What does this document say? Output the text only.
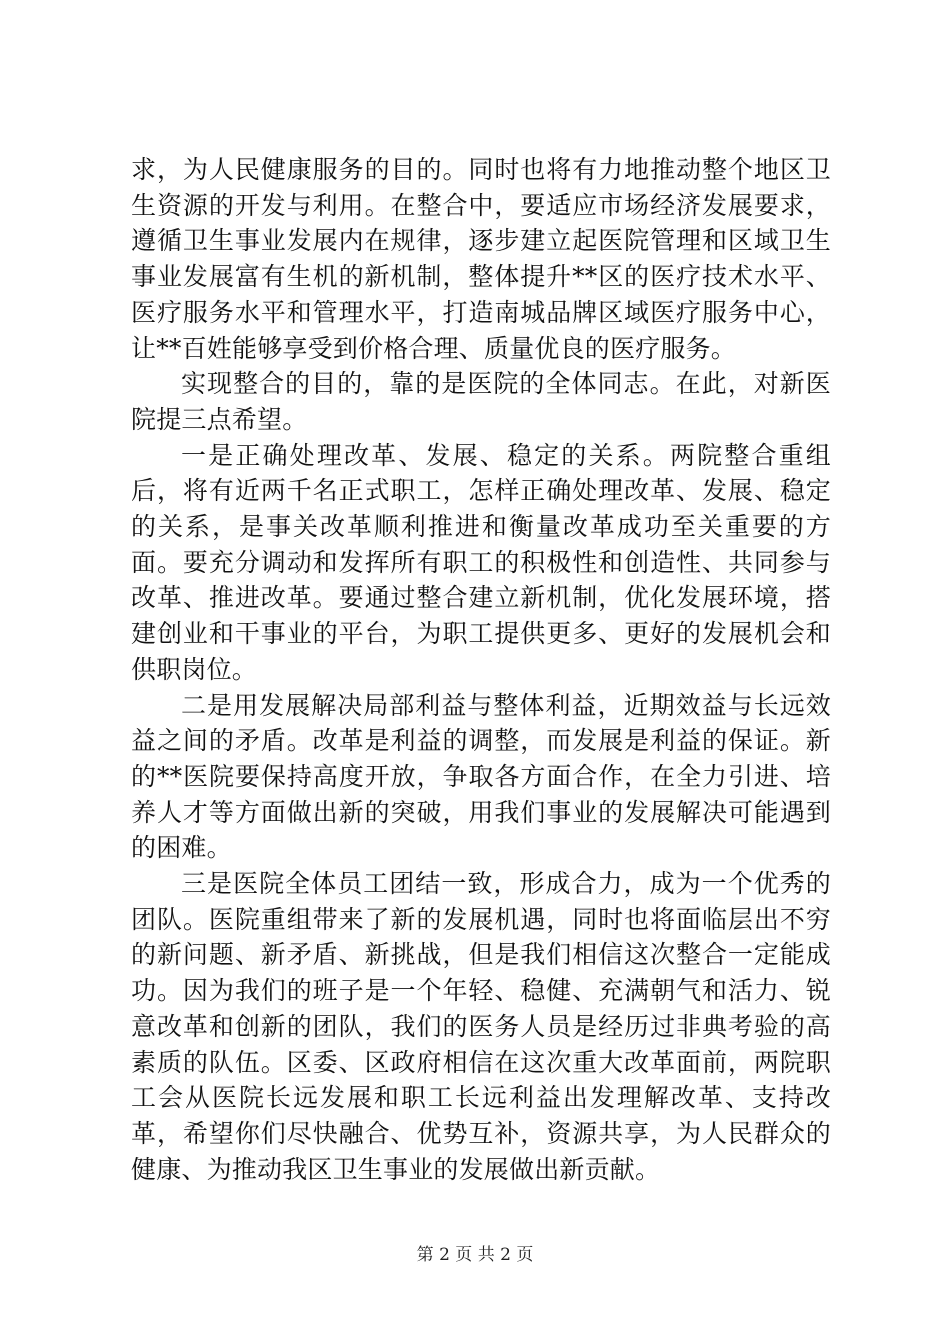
求，为人民健康服务的目的。同时也将有力地推动整个地区卫生资源的开发与利用。在整合中，要适应市场经济发展要求，遵循卫生事业发展内在规律，逐步建立起医院管理和区域卫生事业发展富有生机的新机制，整体提升**区的医疗技术水平、医疗服务水平和管理水平，打造南城品牌区域医疗服务中心，让**百姓能够享受到价格合理、质量优良的医疗服务。

实现整合的目的，靠的是医院的全体同志。在此，对新医院提三点希望。

一是正确处理改革、发展、稳定的关系。两院整合重组后，将有近两千名正式职工，怎样正确处理改革、发展、稳定的关系，是事关改革顺利推进和衡量改革成功至关重要的方面。要充分调动和发挥所有职工的积极性和创造性、共同参与改革、推进改革。要通过整合建立新机制，优化发展环境，搭建创业和干事业的平台，为职工提供更多、更好的发展机会和供职岗位。

二是用发展解决局部利益与整体利益，近期效益与长远效益之间的矛盾。改革是利益的调整，而发展是利益的保证。新的**医院要保持高度开放，争取各方面合作，在全力引进、培养人才等方面做出新的突破，用我们事业的发展解决可能遇到的困难。

三是医院全体员工团结一致，形成合力，成为一个优秀的团队。医院重组带来了新的发展机遇，同时也将面临层出不穷的新问题、新矛盾、新挑战，但是我们相信这次整合一定能成功。因为我们的班子是一个年轻、稳健、充满朝气和活力、锐意改革和创新的团队，我们的医务人员是经历过非典考验的高素质的队伍。区委、区政府相信在这次重大改革面前，两院职工会从医院长远发展和职工长远利益出发理解改革、支持改革，希望你们尽快融合、优势互补，资源共享，为人民群众的健康、为推动我区卫生事业的发展做出新贡献。

第 2 页 共 2 页
